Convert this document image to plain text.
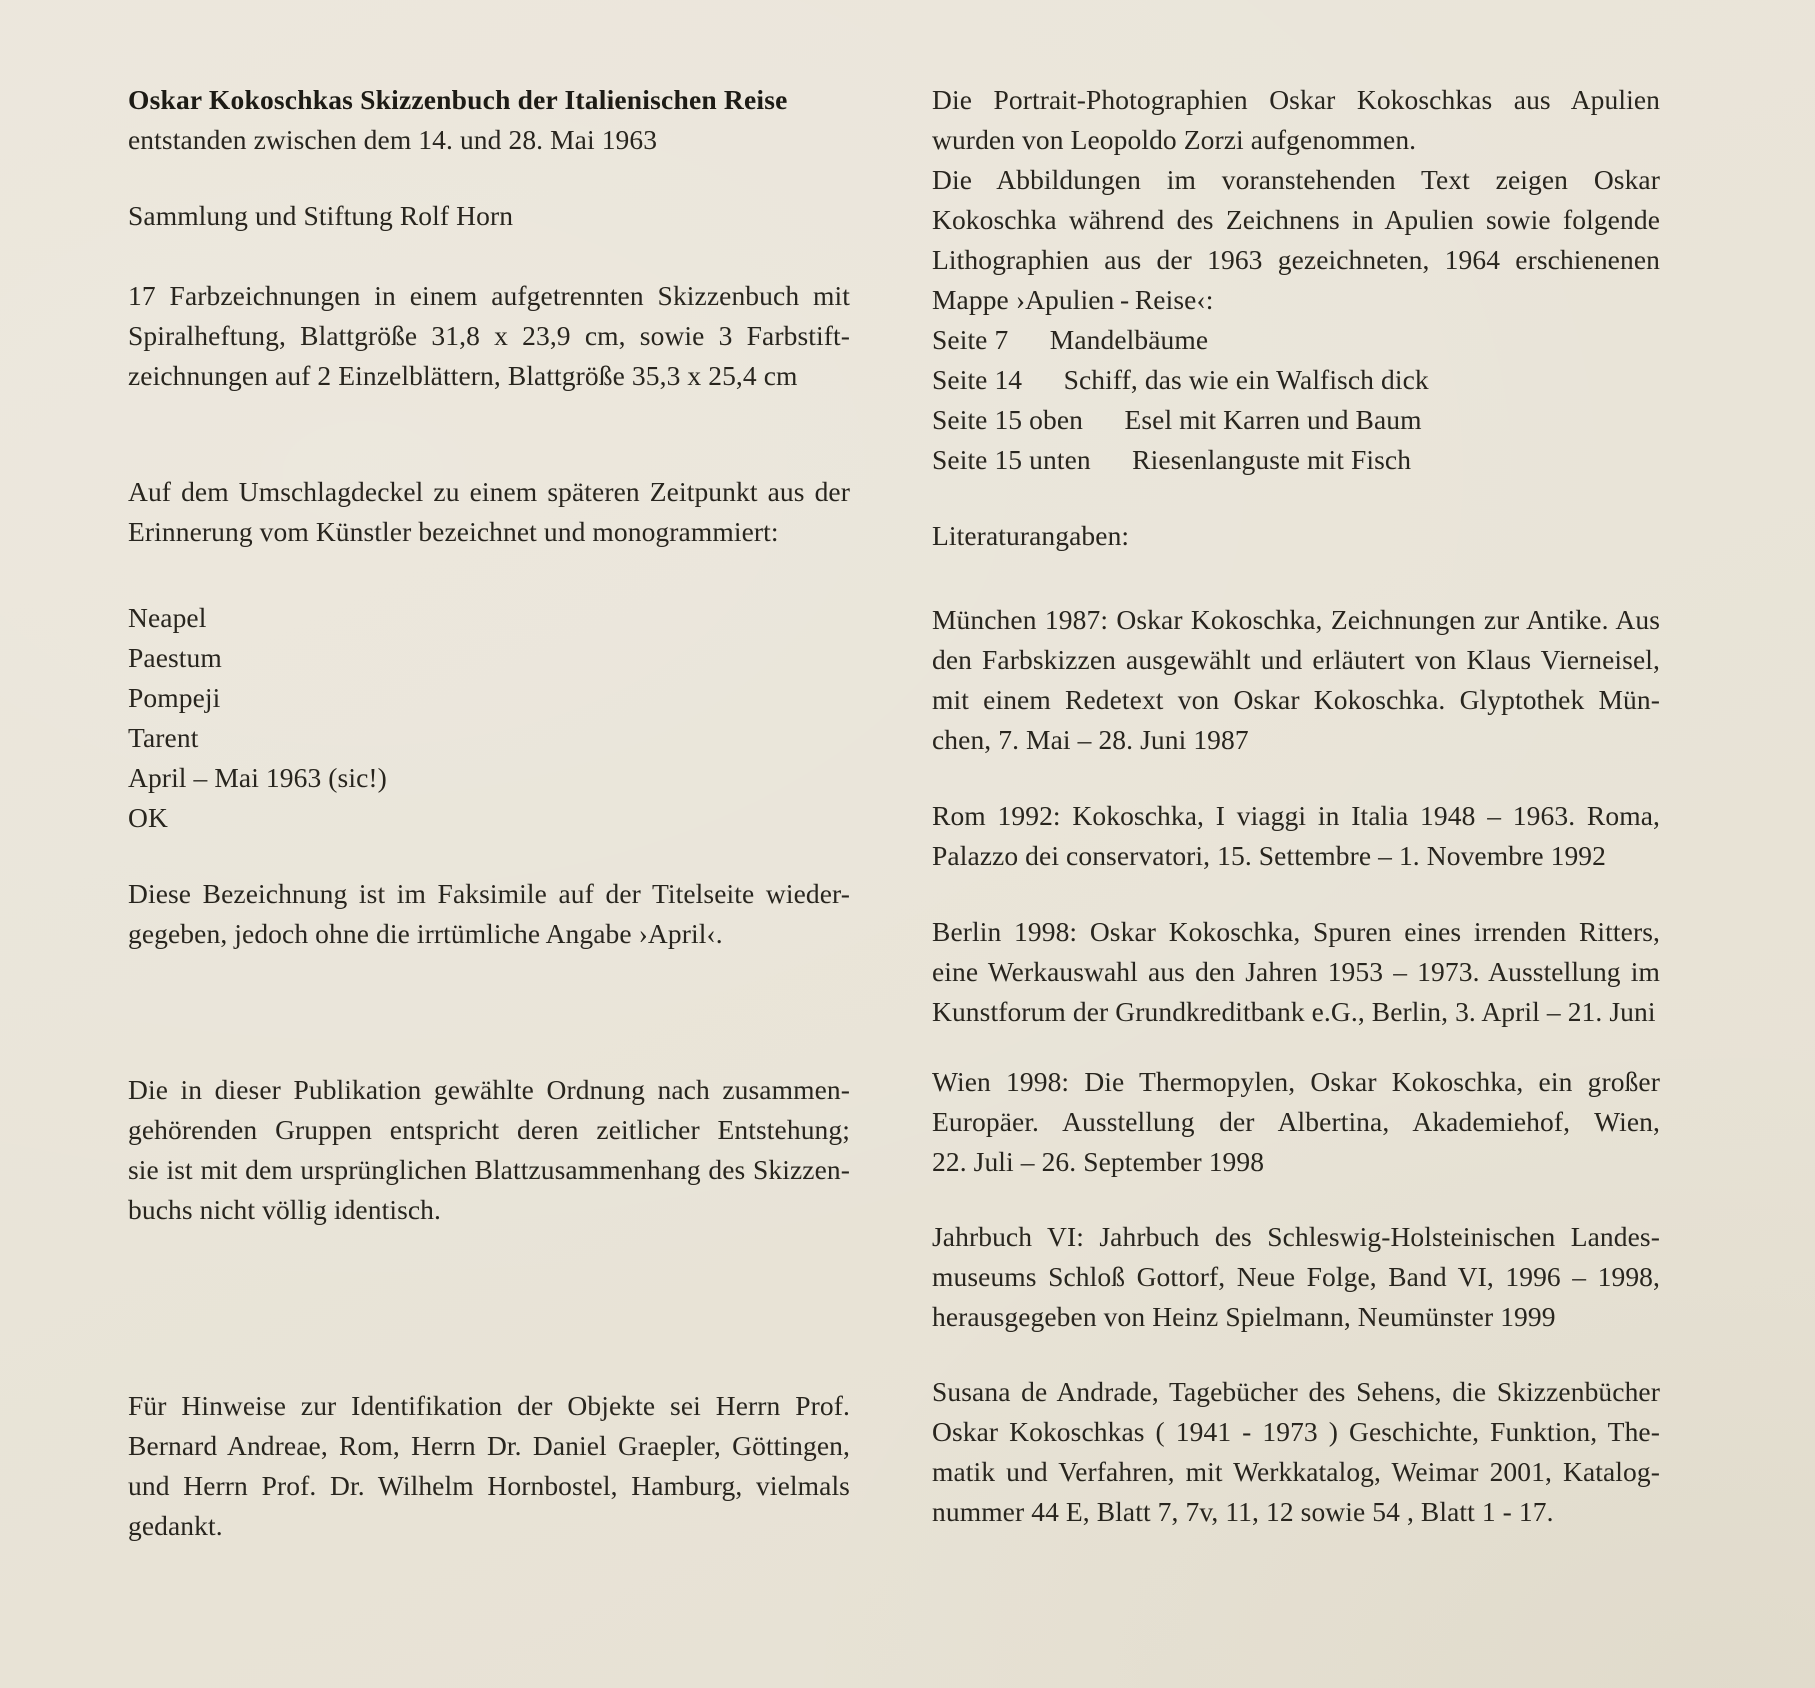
Oskar Kokoschkas Skizzenbuch der Italienischen Reise
entstanden zwischen dem 14. und 28. Mai 1963
Sammlung und Stiftung Rolf Horn
17 Farbzeichnungen in einem aufgetrennten Skizzenbuch mit
Spiralheftung, Blattgröße 31,8 x 23,9 cm, sowie 3 Farbstift-
zeichnungen auf 2 Einzelblättern, Blattgröße 35,3 x 25,4 cm
Auf dem Umschlagdeckel zu einem späteren Zeitpunkt aus der
Erinnerung vom Künstler bezeichnet und monogrammiert:
Neapel
Paestum
Pompeji
Tarent
April – Mai 1963 (sic!)
OK
Diese Bezeichnung ist im Faksimile auf der Titelseite wieder-
gegeben, jedoch ohne die irrtümliche Angabe ›April‹.
Die in dieser Publikation gewählte Ordnung nach zusammen-
gehörenden Gruppen entspricht deren zeitlicher Entstehung;
sie ist mit dem ursprünglichen Blattzusammenhang des Skizzen-
buchs nicht völlig identisch.
Für Hinweise zur Identifikation der Objekte sei Herrn Prof.
Bernard Andreae, Rom, Herrn Dr. Daniel Graepler, Göttingen,
und Herrn Prof. Dr. Wilhelm Hornbostel, Hamburg, vielmals
gedankt.
Die Portrait-Photographien Oskar Kokoschkas aus Apulien
wurden von Leopoldo Zorzi aufgenommen.
Die Abbildungen im voranstehenden Text zeigen Oskar
Kokoschka während des Zeichnens in Apulien sowie folgende
Lithographien aus der 1963 gezeichneten, 1964 erschienenen
Mappe ›Apulien - Reise‹:
Seite 7  Mandelbäume
Seite 14  Schiff, das wie ein Walfisch dick
Seite 15 oben  Esel mit Karren und Baum
Seite 15 unten  Riesenlanguste mit Fisch
Literaturangaben:
München 1987: Oskar Kokoschka, Zeichnungen zur Antike. Aus
den Farbskizzen ausgewählt und erläutert von Klaus Vierneisel,
mit einem Redetext von Oskar Kokoschka. Glyptothek Mün-
chen, 7. Mai – 28. Juni 1987
Rom 1992: Kokoschka, I viaggi in Italia 1948 – 1963. Roma,
Palazzo dei conservatori, 15. Settembre – 1. Novembre 1992
Berlin 1998: Oskar Kokoschka, Spuren eines irrenden Ritters,
eine Werkauswahl aus den Jahren 1953 – 1973. Ausstellung im
Kunstforum der Grundkreditbank e.G., Berlin, 3. April – 21. Juni
Wien 1998: Die Thermopylen, Oskar Kokoschka, ein großer
Europäer. Ausstellung der Albertina, Akademiehof, Wien,
22. Juli – 26. September 1998
Jahrbuch VI: Jahrbuch des Schleswig-Holsteinischen Landes-
museums Schloß Gottorf, Neue Folge, Band VI, 1996 – 1998,
herausgegeben von Heinz Spielmann, Neumünster 1999
Susana de Andrade, Tagebücher des Sehens, die Skizzenbücher
Oskar Kokoschkas ( 1941 - 1973 ) Geschichte, Funktion, The-
matik und Verfahren, mit Werkkatalog, Weimar 2001, Katalog-
nummer 44 E, Blatt 7, 7v, 11, 12 sowie 54 , Blatt 1 - 17.
